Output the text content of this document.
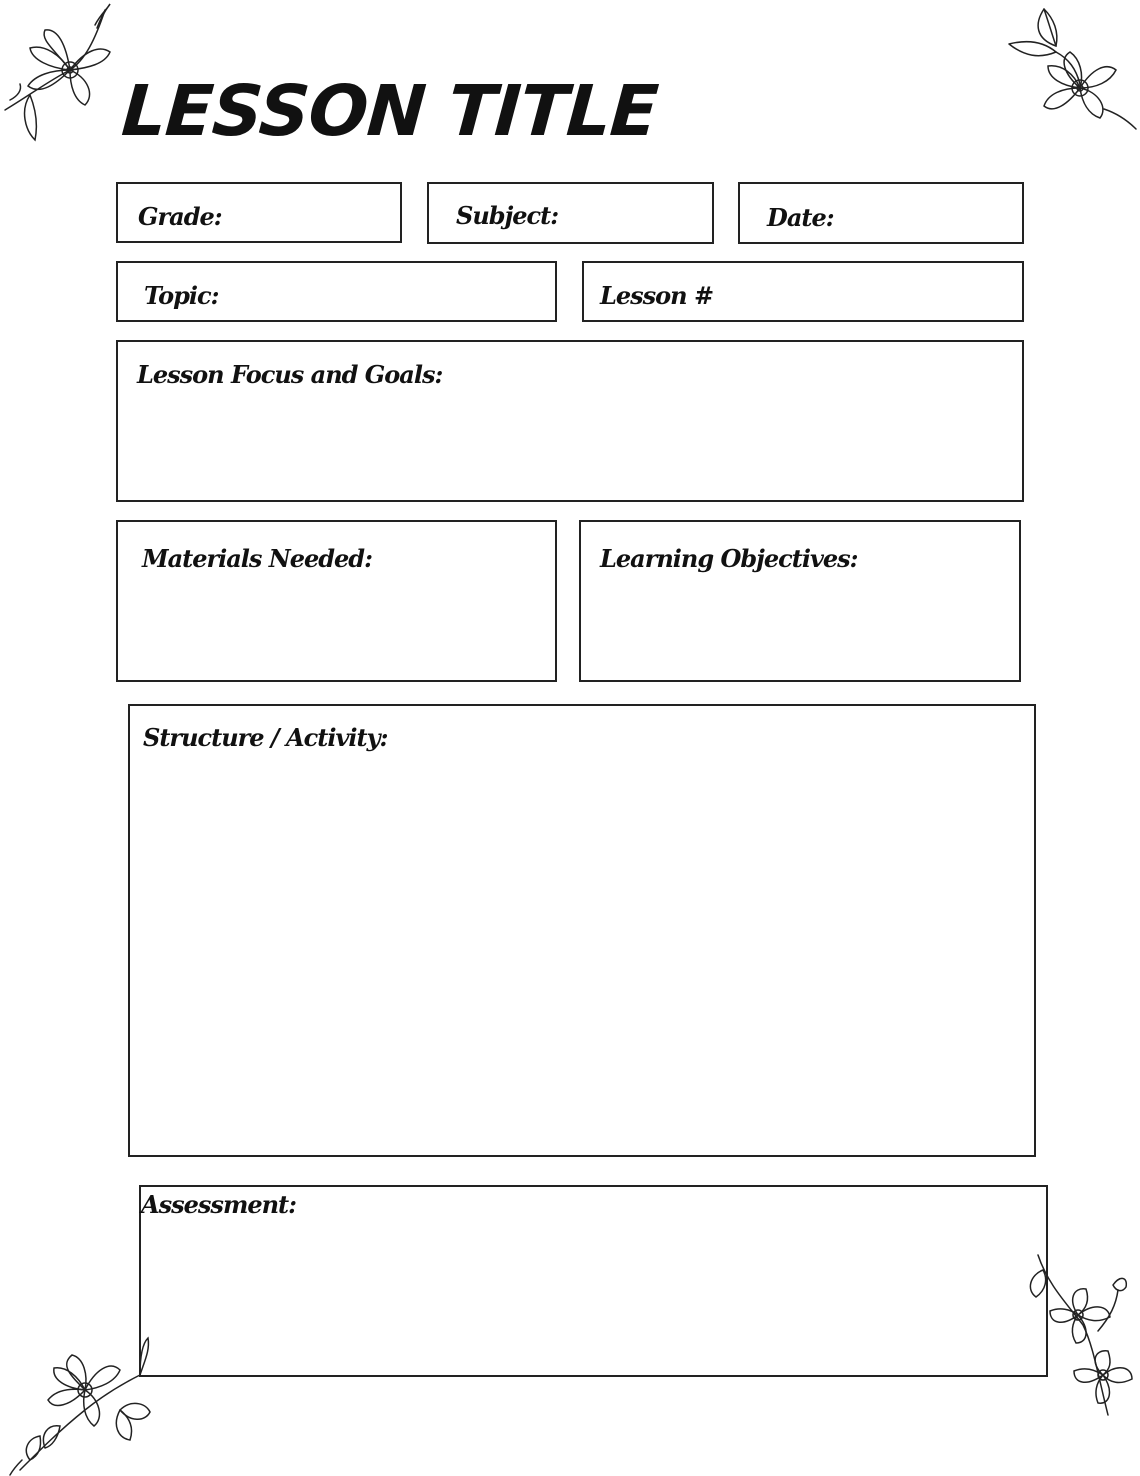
LESSON TITLE
Grade:	Subject:	Date:
Topic:	Lesson #
Lesson Focus and Goals:
Materials Needed:	Learning Objectives:
Structure / Activity:
Assessment:
